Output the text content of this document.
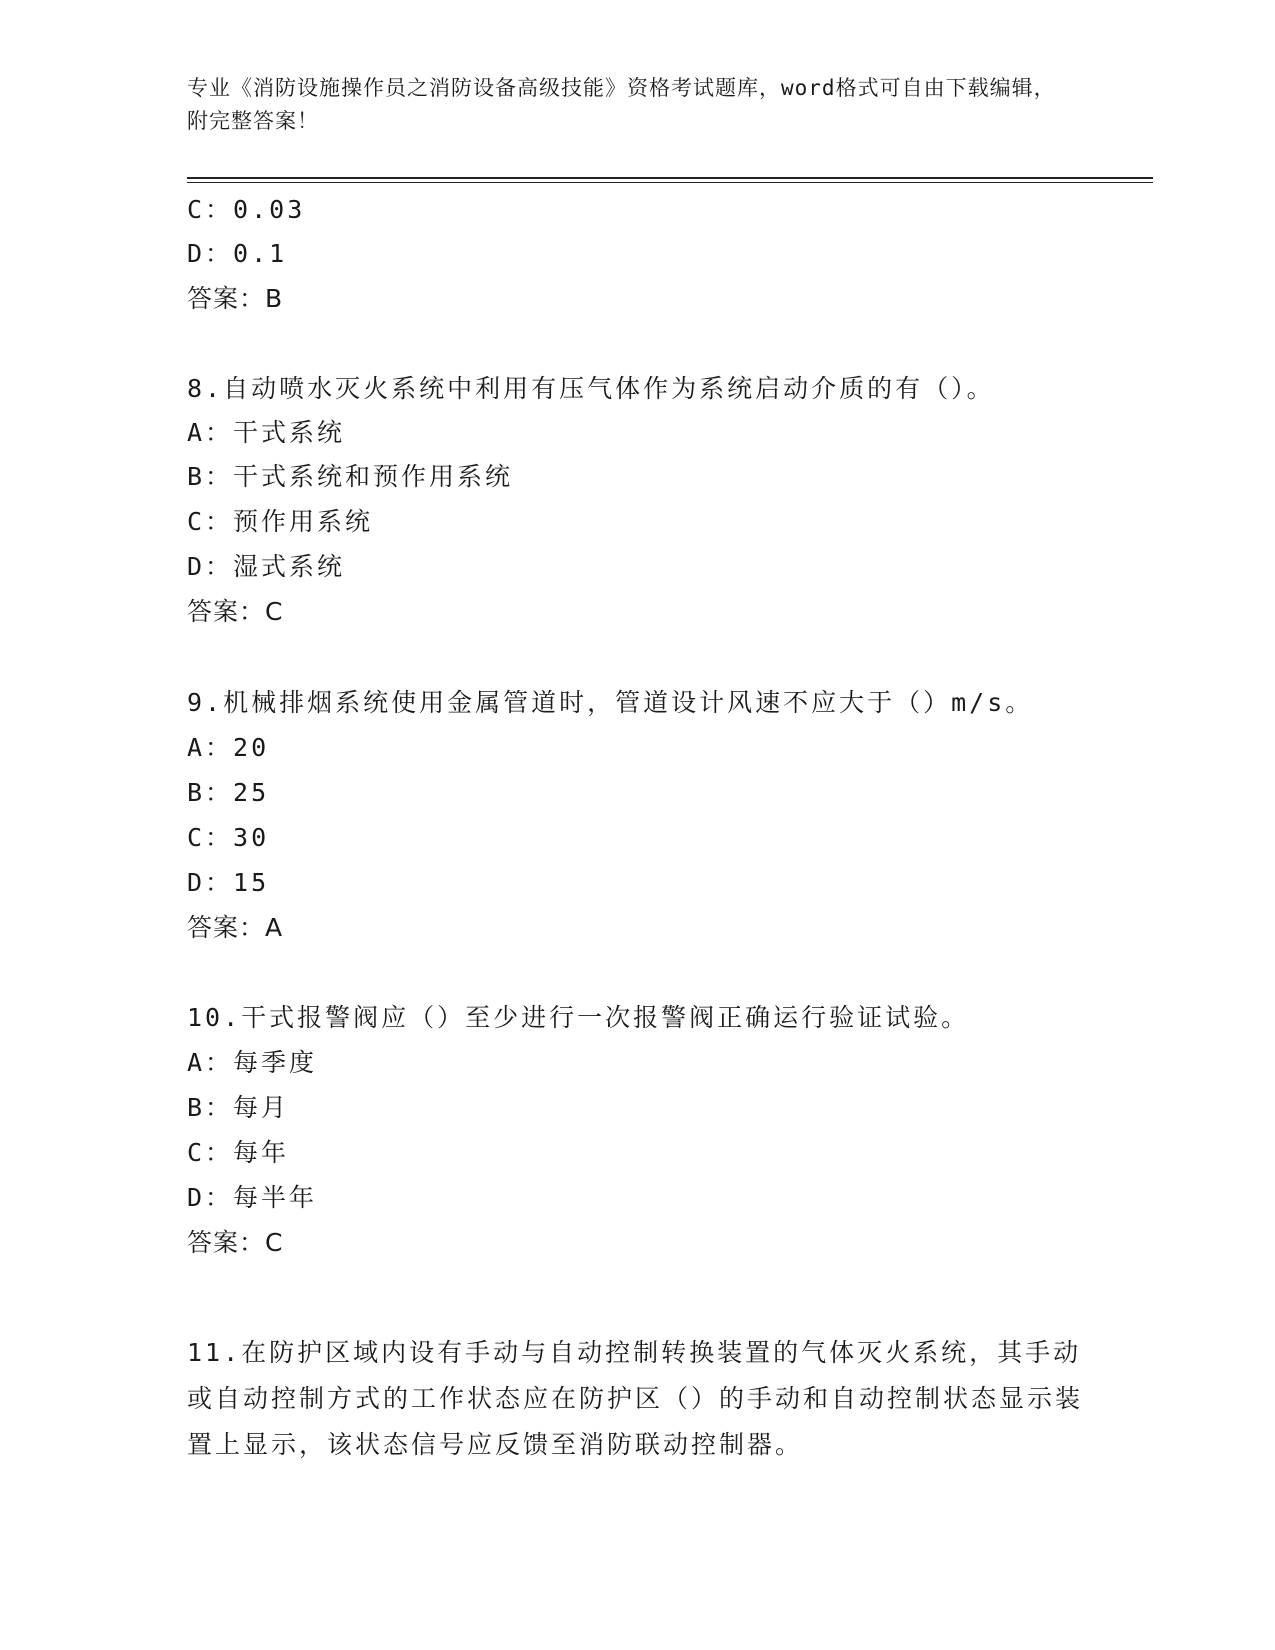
专业《消防设施操作员之消防设备高级技能》资格考试题库，word格式可自由下载编辑，附完整答案！

C：0.03

D：0.1

答案：B

8.自动喷水灭火系统中利用有压气体作为系统启动介质的有（）。

A：干式系统

B：干式系统和预作用系统

C：预作用系统

D：湿式系统

答案：C

9.机械排烟系统使用金属管道时，管道设计风速不应大于（）m/s。

A：20

B：25

C：30

D：15

答案：A

10.干式报警阀应（）至少进行一次报警阀正确运行验证试验。

A：每季度

B：每月

C：每年

D：每半年

答案：C

11.在防护区域内设有手动与自动控制转换装置的气体灭火系统，其手动或自动控制方式的工作状态应在防护区（）的手动和自动控制状态显示装置上显示，该状态信号应反馈至消防联动控制器。
